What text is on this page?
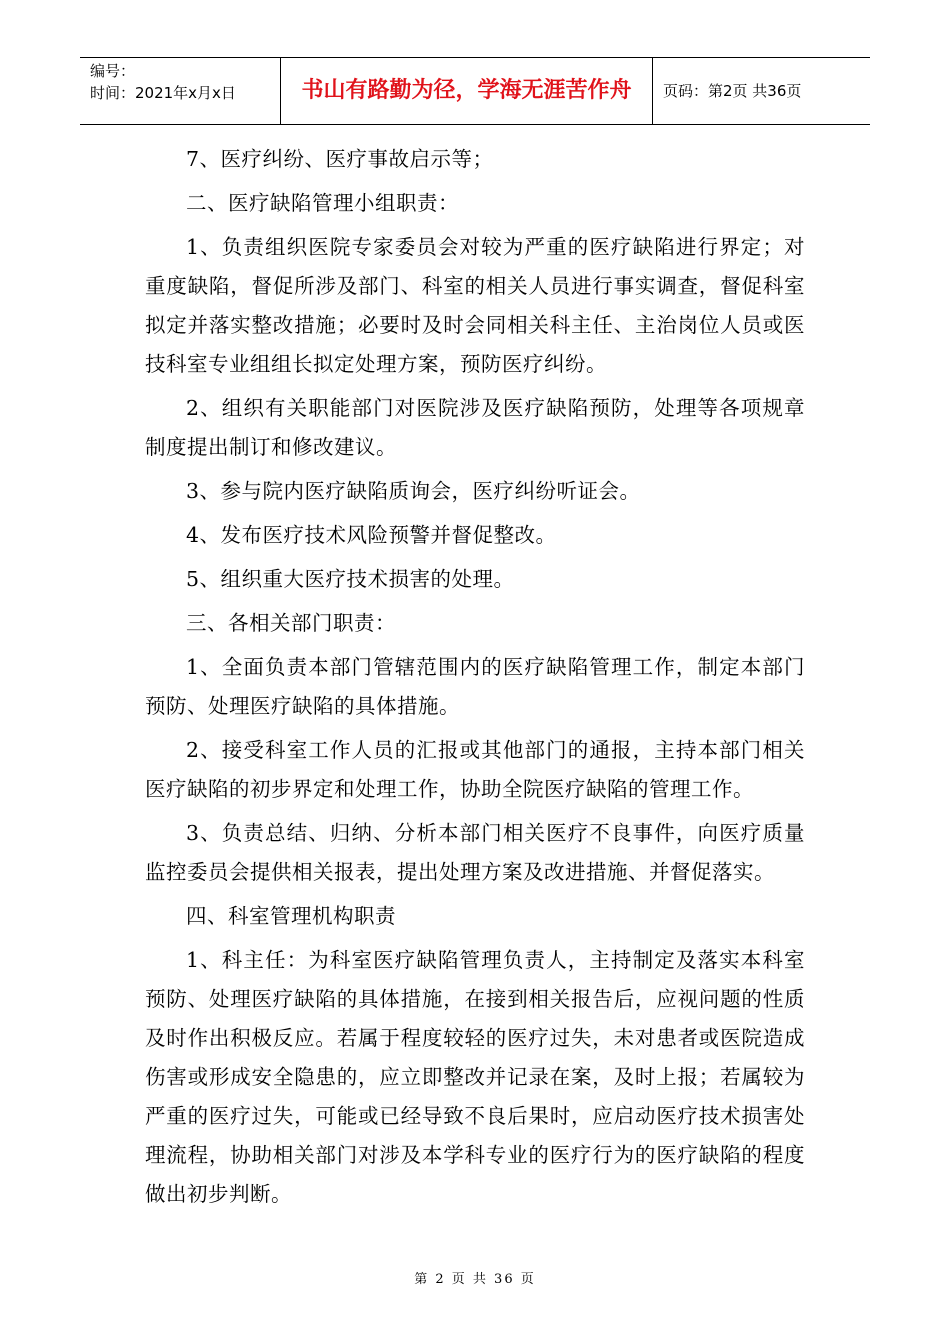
编号：
时间：2021年x月x日	书山有路勤为径，学海无涯苦作舟	页码：第2页 共36页

7、医疗纠纷、医疗事故启示等；

二、医疗缺陷管理小组职责：

1、负责组织医院专家委员会对较为严重的医疗缺陷进行界定；对重度缺陷，督促所涉及部门、科室的相关人员进行事实调查，督促科室拟定并落实整改措施；必要时及时会同相关科主任、主治岗位人员或医技科室专业组组长拟定处理方案，预防医疗纠纷。

2、组织有关职能部门对医院涉及医疗缺陷预防，处理等各项规章制度提出制订和修改建议。

3、参与院内医疗缺陷质询会，医疗纠纷听证会。

4、发布医疗技术风险预警并督促整改。

5、组织重大医疗技术损害的处理。

三、各相关部门职责：

1、全面负责本部门管辖范围内的医疗缺陷管理工作，制定本部门预防、处理医疗缺陷的具体措施。

2、接受科室工作人员的汇报或其他部门的通报，主持本部门相关医疗缺陷的初步界定和处理工作，协助全院医疗缺陷的管理工作。

3、负责总结、归纳、分析本部门相关医疗不良事件，向医疗质量监控委员会提供相关报表，提出处理方案及改进措施、并督促落实。

四、科室管理机构职责

1、科主任：为科室医疗缺陷管理负责人，主持制定及落实本科室预防、处理医疗缺陷的具体措施，在接到相关报告后，应视问题的性质及时作出积极反应。若属于程度较轻的医疗过失，未对患者或医院造成伤害或形成安全隐患的，应立即整改并记录在案，及时上报；若属较为严重的医疗过失，可能或已经导致不良后果时，应启动医疗技术损害处理流程，协助相关部门对涉及本学科专业的医疗行为的医疗缺陷的程度做出初步判断。

第 2 页 共 36 页
